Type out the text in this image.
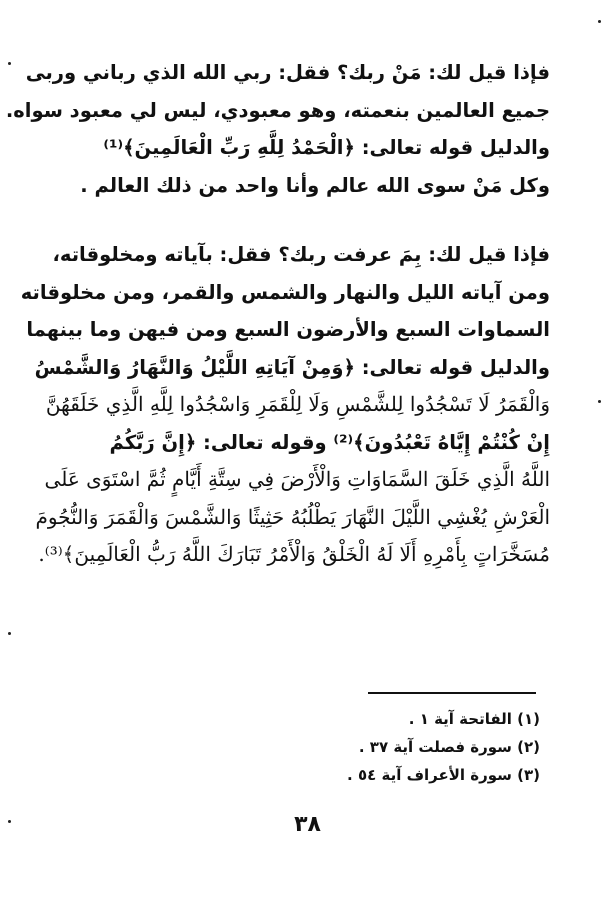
فإذا قيل لك: مَنْ ربك؟ فقل: ربي الله الذي رباني وربى
جميع العالمين بنعمته، وهو معبودي، ليس لي معبود سواه.
والدليل قوله تعالى: ﴿الْحَمْدُ لِلَّهِ رَبِّ الْعَالَمِينَ﴾⁽¹⁾
وكل مَنْ سوى الله عالم وأنا واحد من ذلك العالم .
فإذا قيل لك: بِمَ عرفت ربك؟ فقل: بآياته ومخلوقاته،
ومن آياته الليل والنهار والشمس والقمر، ومن مخلوقاته
السماوات السبع والأرضون السبع ومن فيهن وما بينهما
والدليل قوله تعالى: ﴿وَمِنْ آيَاتِهِ اللَّيْلُ وَالنَّهَارُ وَالشَّمْسُ
وَالْقَمَرُ لَا تَسْجُدُوا لِلشَّمْسِ وَلَا لِلْقَمَرِ وَاسْجُدُوا لِلَّهِ الَّذِي خَلَقَهُنَّ
إِنْ كُنْتُمْ إِيَّاهُ تَعْبُدُونَ﴾⁽²⁾ وقوله تعالى: ﴿إِنَّ رَبَّكُمُ
اللَّهُ الَّذِي خَلَقَ السَّمَاوَاتِ وَالْأَرْضَ فِي سِتَّةِ أَيَّامٍ ثُمَّ اسْتَوَى عَلَى
الْعَرْشِ يُغْشِي اللَّيْلَ النَّهَارَ يَطْلُبُهُ حَثِيثًا وَالشَّمْسَ وَالْقَمَرَ وَالنُّجُومَ
مُسَخَّرَاتٍ بِأَمْرِهِ أَلَا لَهُ الْخَلْقُ وَالْأَمْرُ تَبَارَكَ اللَّهُ رَبُّ الْعَالَمِينَ﴾⁽³⁾.
(١) الفاتحة آية ١ .
(٢) سورة فصلت آية ٣٧ .
(٣) سورة الأعراف آية ٥٤ .
٣٨
